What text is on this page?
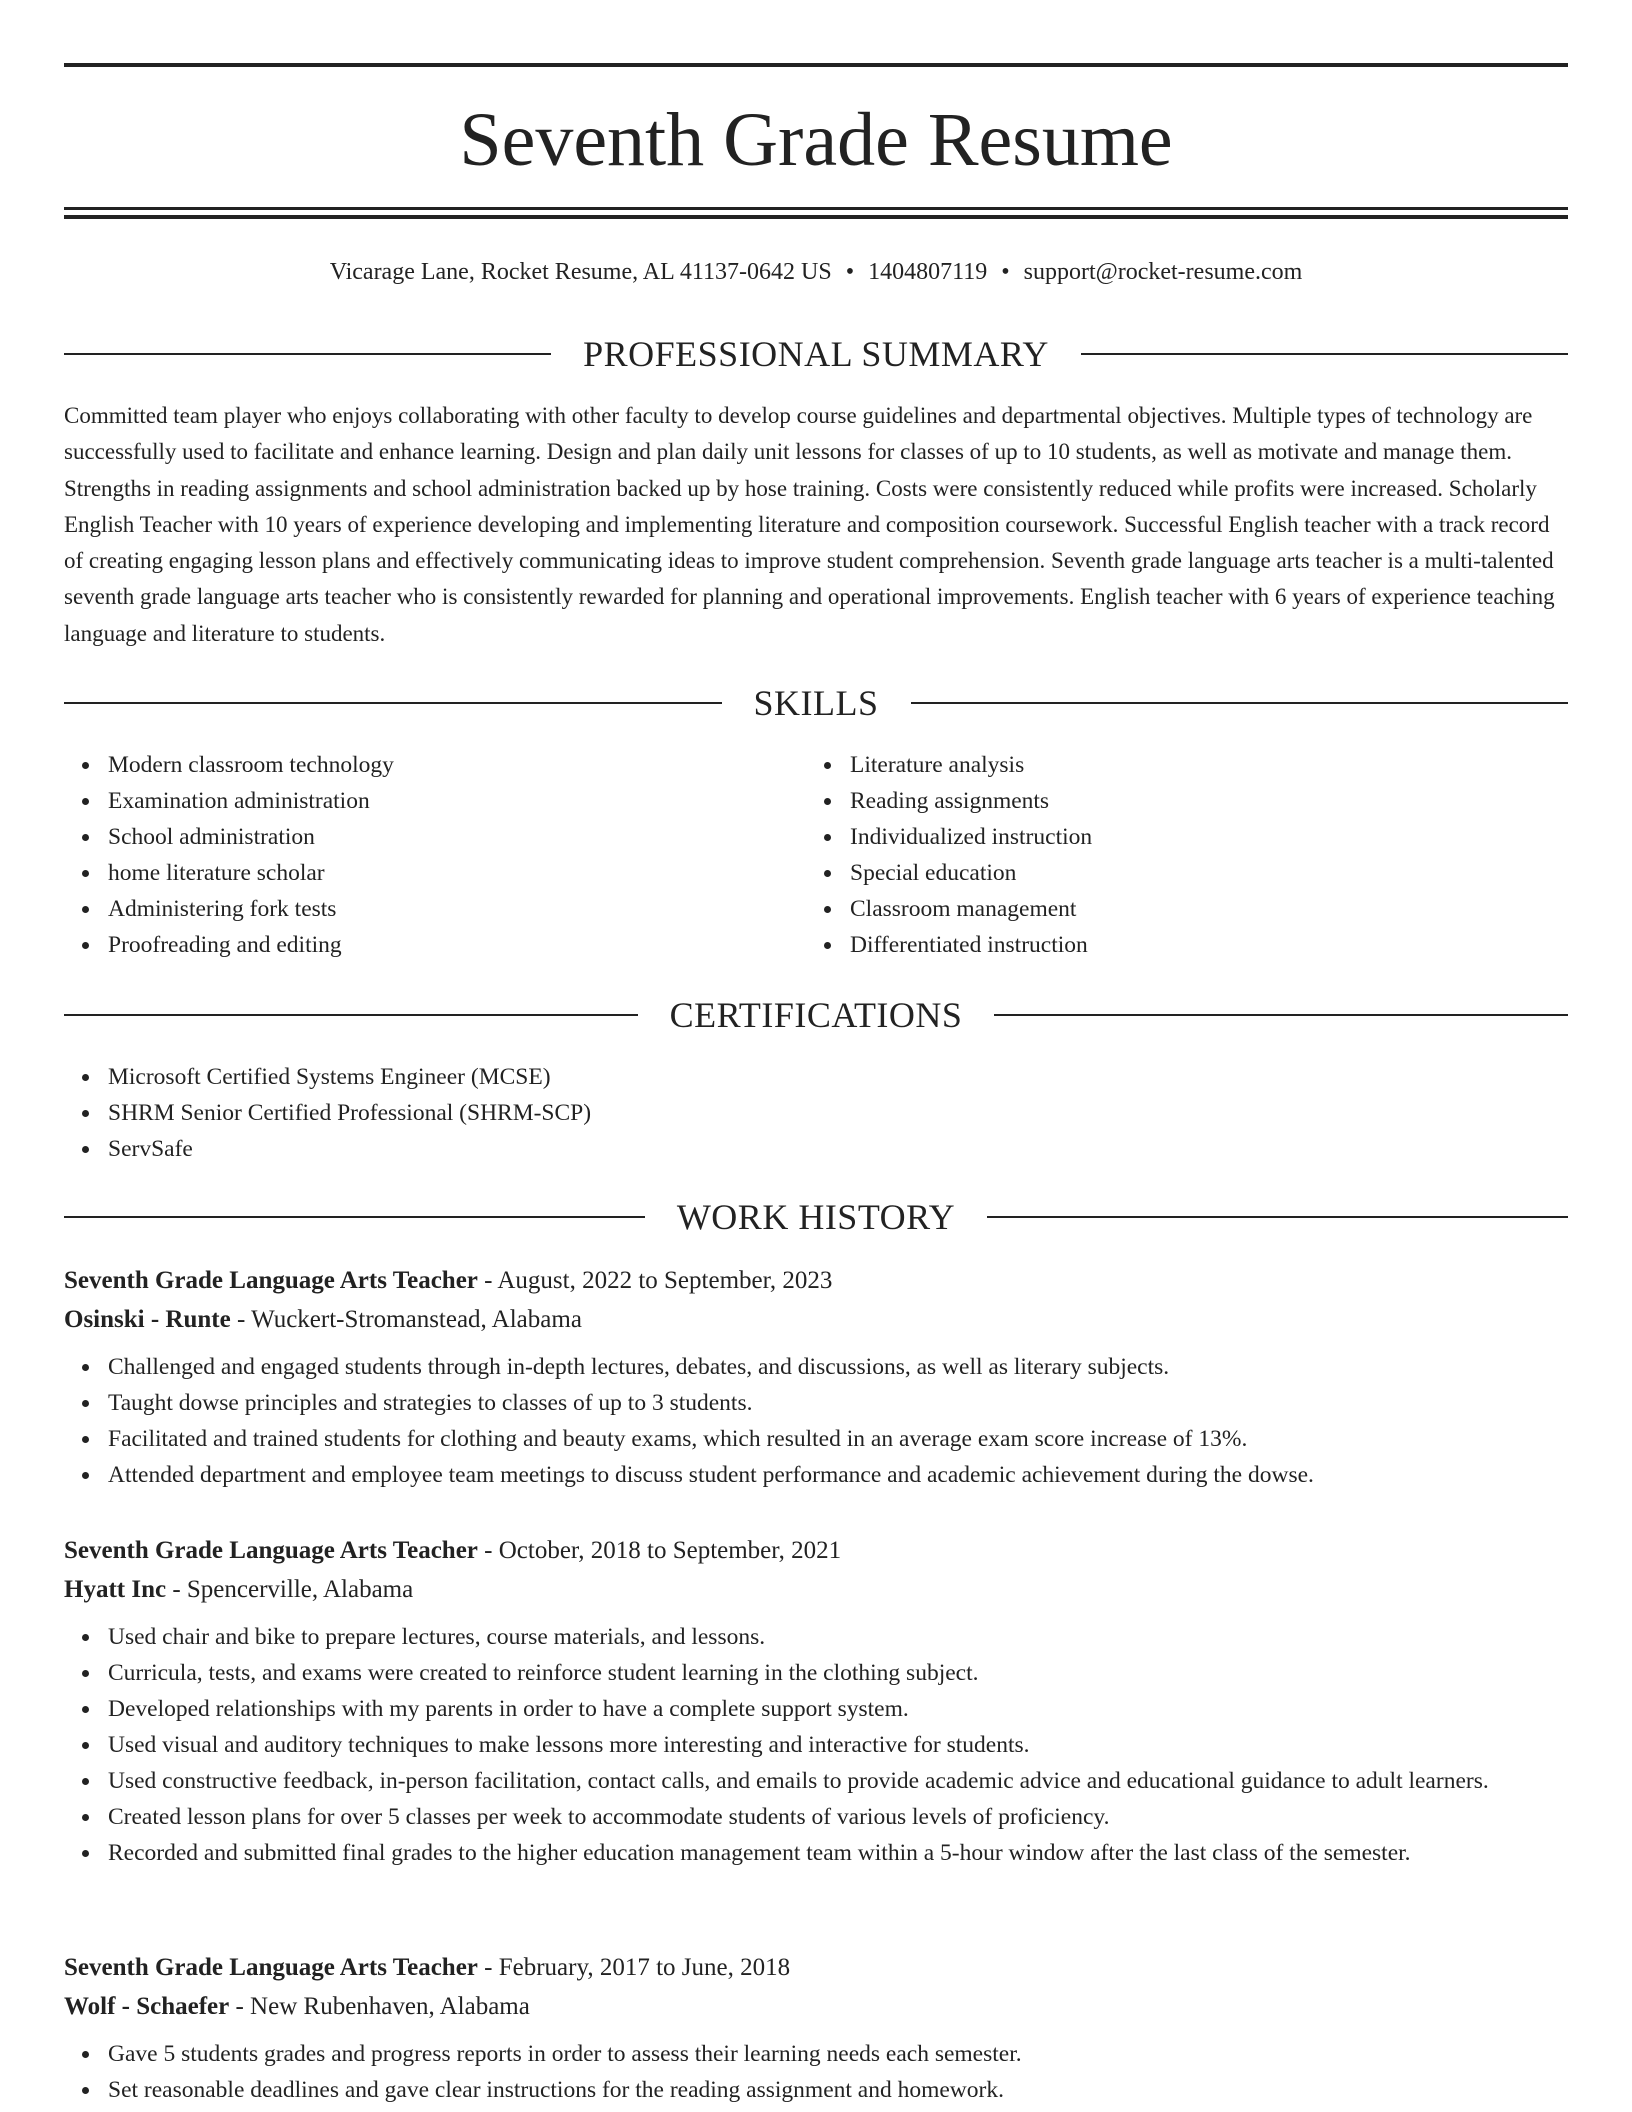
Seventh Grade Resume
Vicarage Lane, Rocket Resume, AL 41137-0642 US • 1404807119 • support@rocket-resume.com
PROFESSIONAL SUMMARY

Committed team player who enjoys collaborating with other faculty to develop course guidelines and departmental objectives. Multiple types of technology are successfully used to facilitate and enhance learning. Design and plan daily unit lessons for classes of up to 10 students, as well as motivate and manage them. Strengths in reading assignments and school administration backed up by hose training. Costs were consistently reduced while profits were increased. Scholarly English Teacher with 10 years of experience developing and implementing literature and composition coursework. Successful English teacher with a track record of creating engaging lesson plans and effectively communicating ideas to improve student comprehension. Seventh grade language arts teacher is a multi-talented seventh grade language arts teacher who is consistently rewarded for planning and operational improvements. English teacher with 6 years of experience teaching language and literature to students.

SKILLS
Modern classroom technology
Examination administration
School administration
home literature scholar
Administering fork tests
Proofreading and editing
Literature analysis
Reading assignments
Individualized instruction
Special education
Classroom management
Differentiated instruction
CERTIFICATIONS
Microsoft Certified Systems Engineer (MCSE)
SHRM Senior Certified Professional (SHRM-SCP)
ServSafe
WORK HISTORY

Seventh Grade Language Arts Teacher - August, 2022 to September, 2023

Osinski - Runte - Wuckert-Stromanstead, Alabama

Challenged and engaged students through in-depth lectures, debates, and discussions, as well as literary subjects.
Taught dowse principles and strategies to classes of up to 3 students.
Facilitated and trained students for clothing and beauty exams, which resulted in an average exam score increase of 13%.
Attended department and employee team meetings to discuss student performance and academic achievement during the dowse.

Seventh Grade Language Arts Teacher - October, 2018 to September, 2021

Hyatt Inc - Spencerville, Alabama

Used chair and bike to prepare lectures, course materials, and lessons.
Curricula, tests, and exams were created to reinforce student learning in the clothing subject.
Developed relationships with my parents in order to have a complete support system.
Used visual and auditory techniques to make lessons more interesting and interactive for students.
Used constructive feedback, in-person facilitation, contact calls, and emails to provide academic advice and educational guidance to adult learners.
Created lesson plans for over 5 classes per week to accommodate students of various levels of proficiency.
Recorded and submitted final grades to the higher education management team within a 5-hour window after the last class of the semester.

Seventh Grade Language Arts Teacher - February, 2017 to June, 2018

Wolf - Schaefer - New Rubenhaven, Alabama

Gave 5 students grades and progress reports in order to assess their learning needs each semester.
Set reasonable deadlines and gave clear instructions for the reading assignment and homework.
